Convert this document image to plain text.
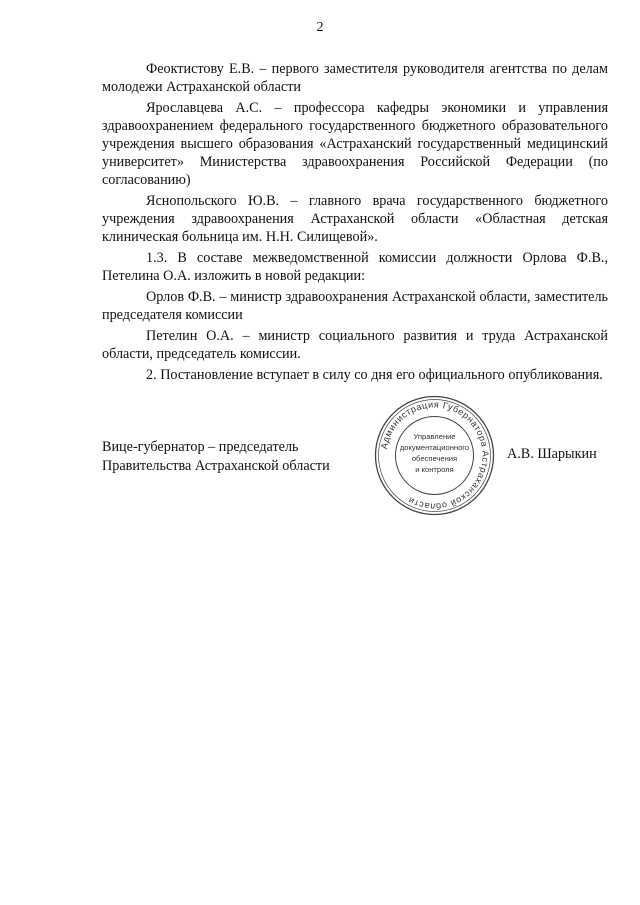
2

Феоктистову Е.В. – первого заместителя руководителя агентства по делам молодежи Астраханской области

Ярославцева А.С. – профессора кафедры экономики и управления здравоохранением федерального государственного бюджетного образовательного учреждения высшего образования «Астраханский государственный медицинский университет» Министерства здравоохранения Российской Федерации (по согласованию)

Яснопольского Ю.В. – главного врача государственного бюджетного учреждения здравоохранения Астраханской области «Областная детская клиническая больница им. Н.Н. Силищевой».

1.3. В составе межведомственной комиссии должности Орлова Ф.В., Петелина О.А. изложить в новой редакции:

Орлов Ф.В. – министр здравоохранения Астраханской области, заместитель председателя комиссии

Петелин О.А. – министр социального развития и труда Астраханской области, председатель комиссии.

2. Постановление вступает в силу со дня его официального опубликования.

Вице-губернатор – председатель
Правительства Астраханской области
Администрация Губернатора Астраханской области
Управление
документационного
обеспечения
и контроля
А.В. Шарыкин
